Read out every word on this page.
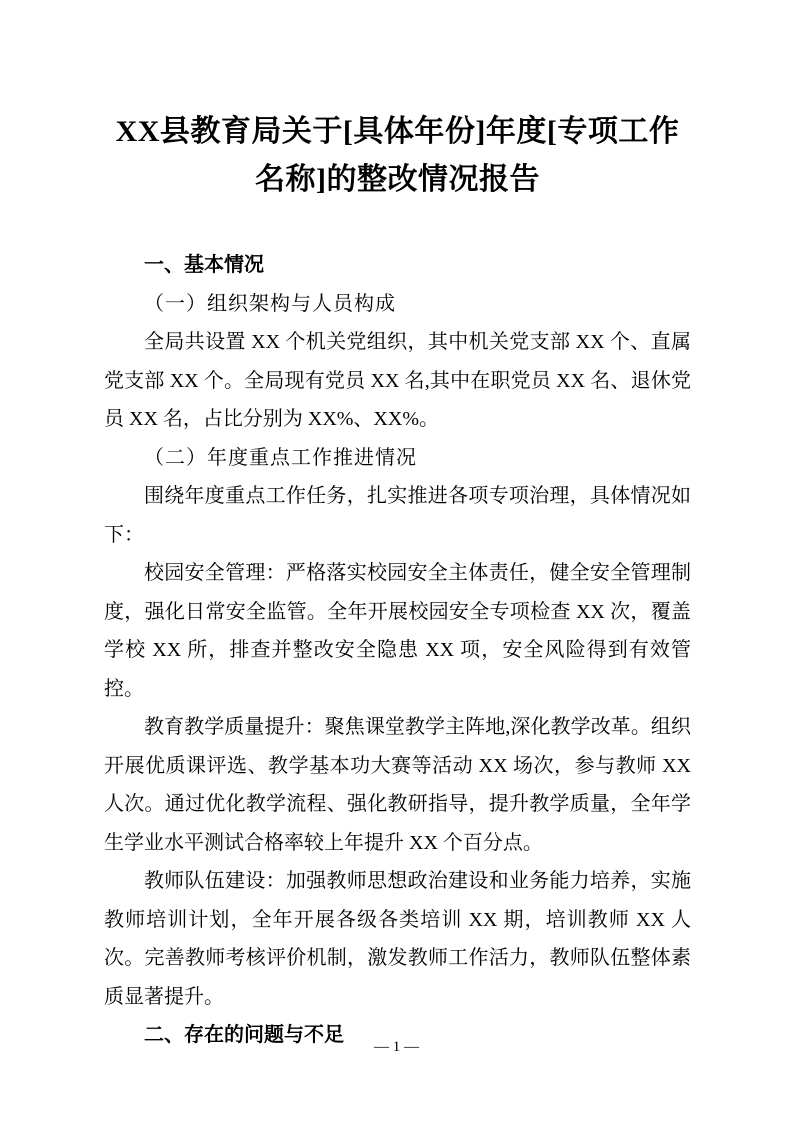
XX县教育局关于[具体年份]年度[专项工作名称]的整改情况报告

一、基本情况

（一）组织架构与人员构成

全局共设置 XX 个机关党组织，其中机关党支部 XX 个、直属党支部 XX 个。全局现有党员 XX 名,其中在职党员 XX 名、退休党员 XX 名，占比分别为 XX%、XX%。

（二）年度重点工作推进情况

围绕年度重点工作任务，扎实推进各项专项治理，具体情况如下：

校园安全管理：严格落实校园安全主体责任，健全安全管理制度，强化日常安全监管。全年开展校园安全专项检查 XX 次，覆盖学校 XX 所，排查并整改安全隐患 XX 项，安全风险得到有效管控。

教育教学质量提升：聚焦课堂教学主阵地,深化教学改革。组织开展优质课评选、教学基本功大赛等活动 XX 场次，参与教师 XX 人次。通过优化教学流程、强化教研指导，提升教学质量，全年学生学业水平测试合格率较上年提升 XX 个百分点。

教师队伍建设：加强教师思想政治建设和业务能力培养，实施教师培训计划，全年开展各级各类培训 XX 期，培训教师 XX 人次。完善教师考核评价机制，激发教师工作活力，教师队伍整体素质显著提升。

二、存在的问题与不足

— 1 —
